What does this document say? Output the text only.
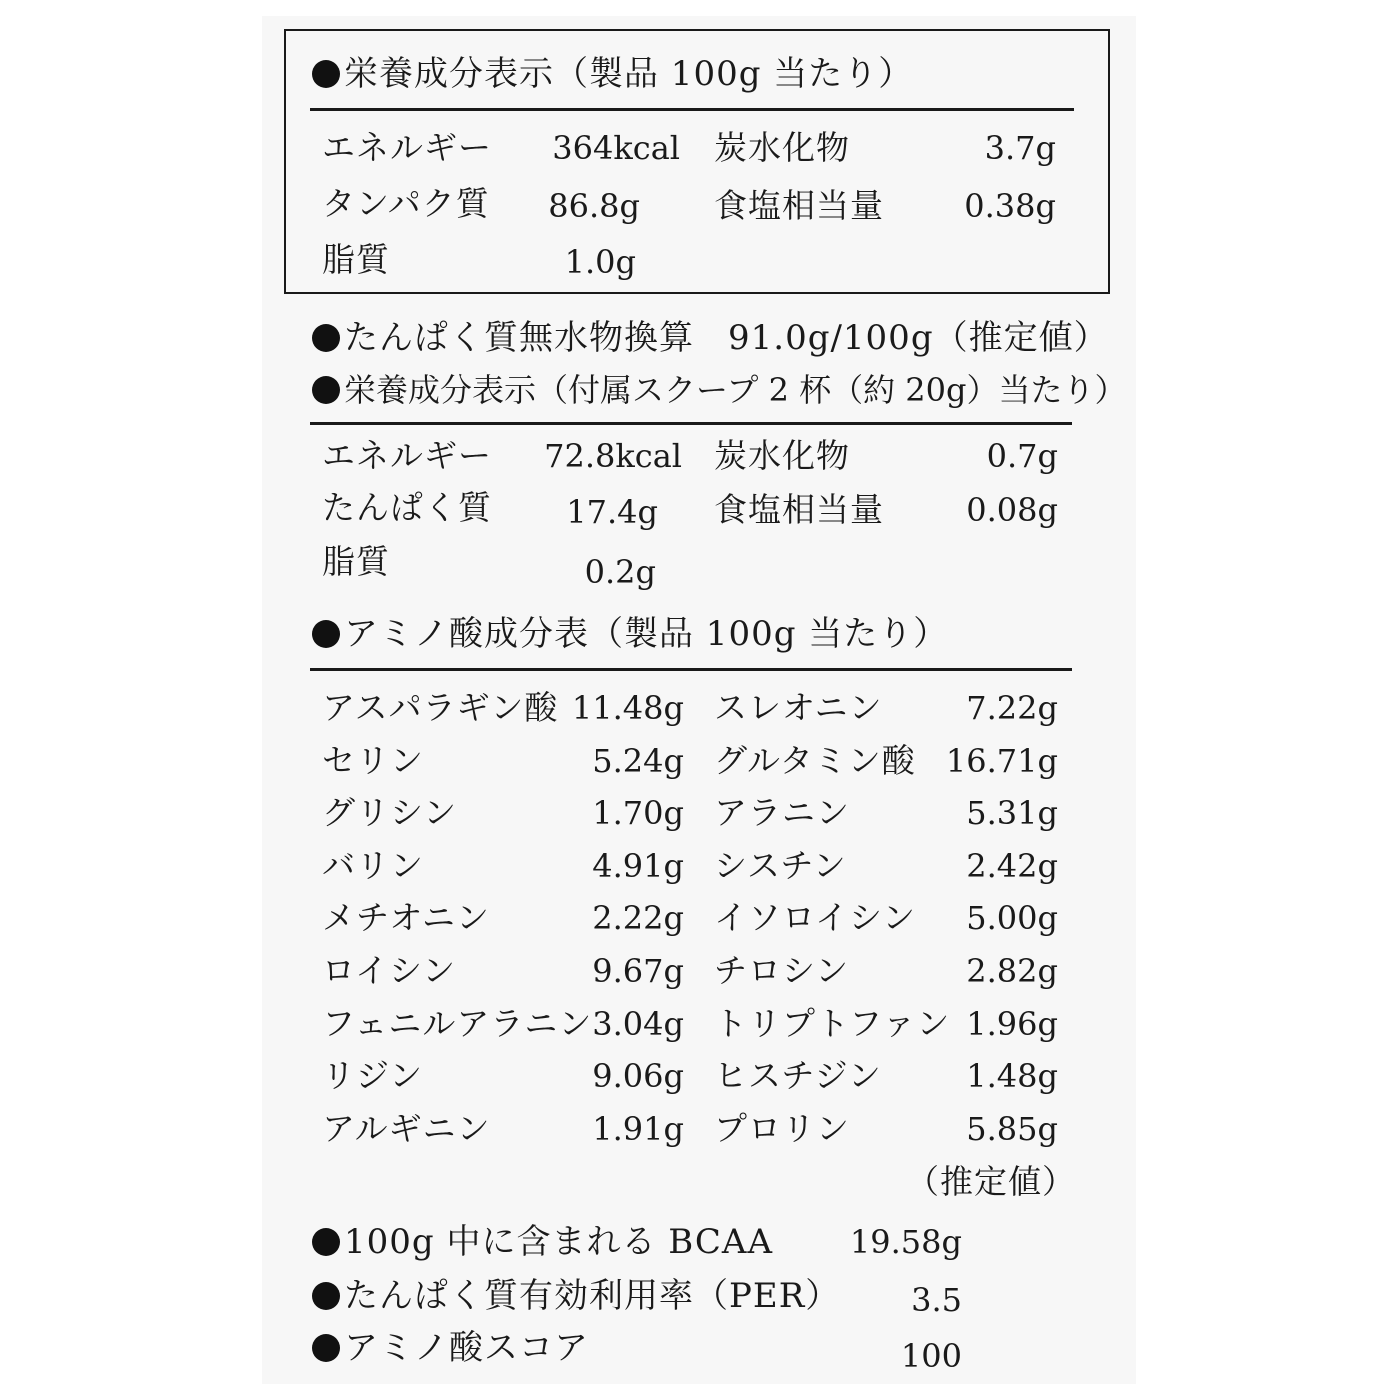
栄養成分表示（製品 100g 当たり）
エネルギー	364kcal 炭水化物	3.7g
タンパク質	86.8g 食塩相当量	0.38g
脂質	1.0g
たんぱく質無水物換算 91.0g/100g（推定値）
栄養成分表示（付属スクープ 2 杯（約 20g）当たり）
エネルギー	72.8kcal 炭水化物	0.7g
たんぱく質	17.4g 食塩相当量	0.08g
脂質	0.2g
アミノ酸成分表（製品 100g 当たり）
アスパラギン酸 11.48g スレオニン	7.22g
セリン	5.24g グルタミン酸 16.71g
グリシン	1.70g アラニン	5.31g
バリン	4.91g シスチン	2.42g
メチオニン	2.22g イソロイシン	5.00g
ロイシン	9.67g チロシン	2.82g
フェニルアラニン 3.04g トリプトファン 1.96g
リジン	9.06g ヒスチジン	1.48g
アルギニン	1.91g プロリン	5.85g
（推定値）
100g 中に含まれる BCAA	19.58g
たんぱく質有効利用率（PER）	3.5
アミノ酸スコア	100
